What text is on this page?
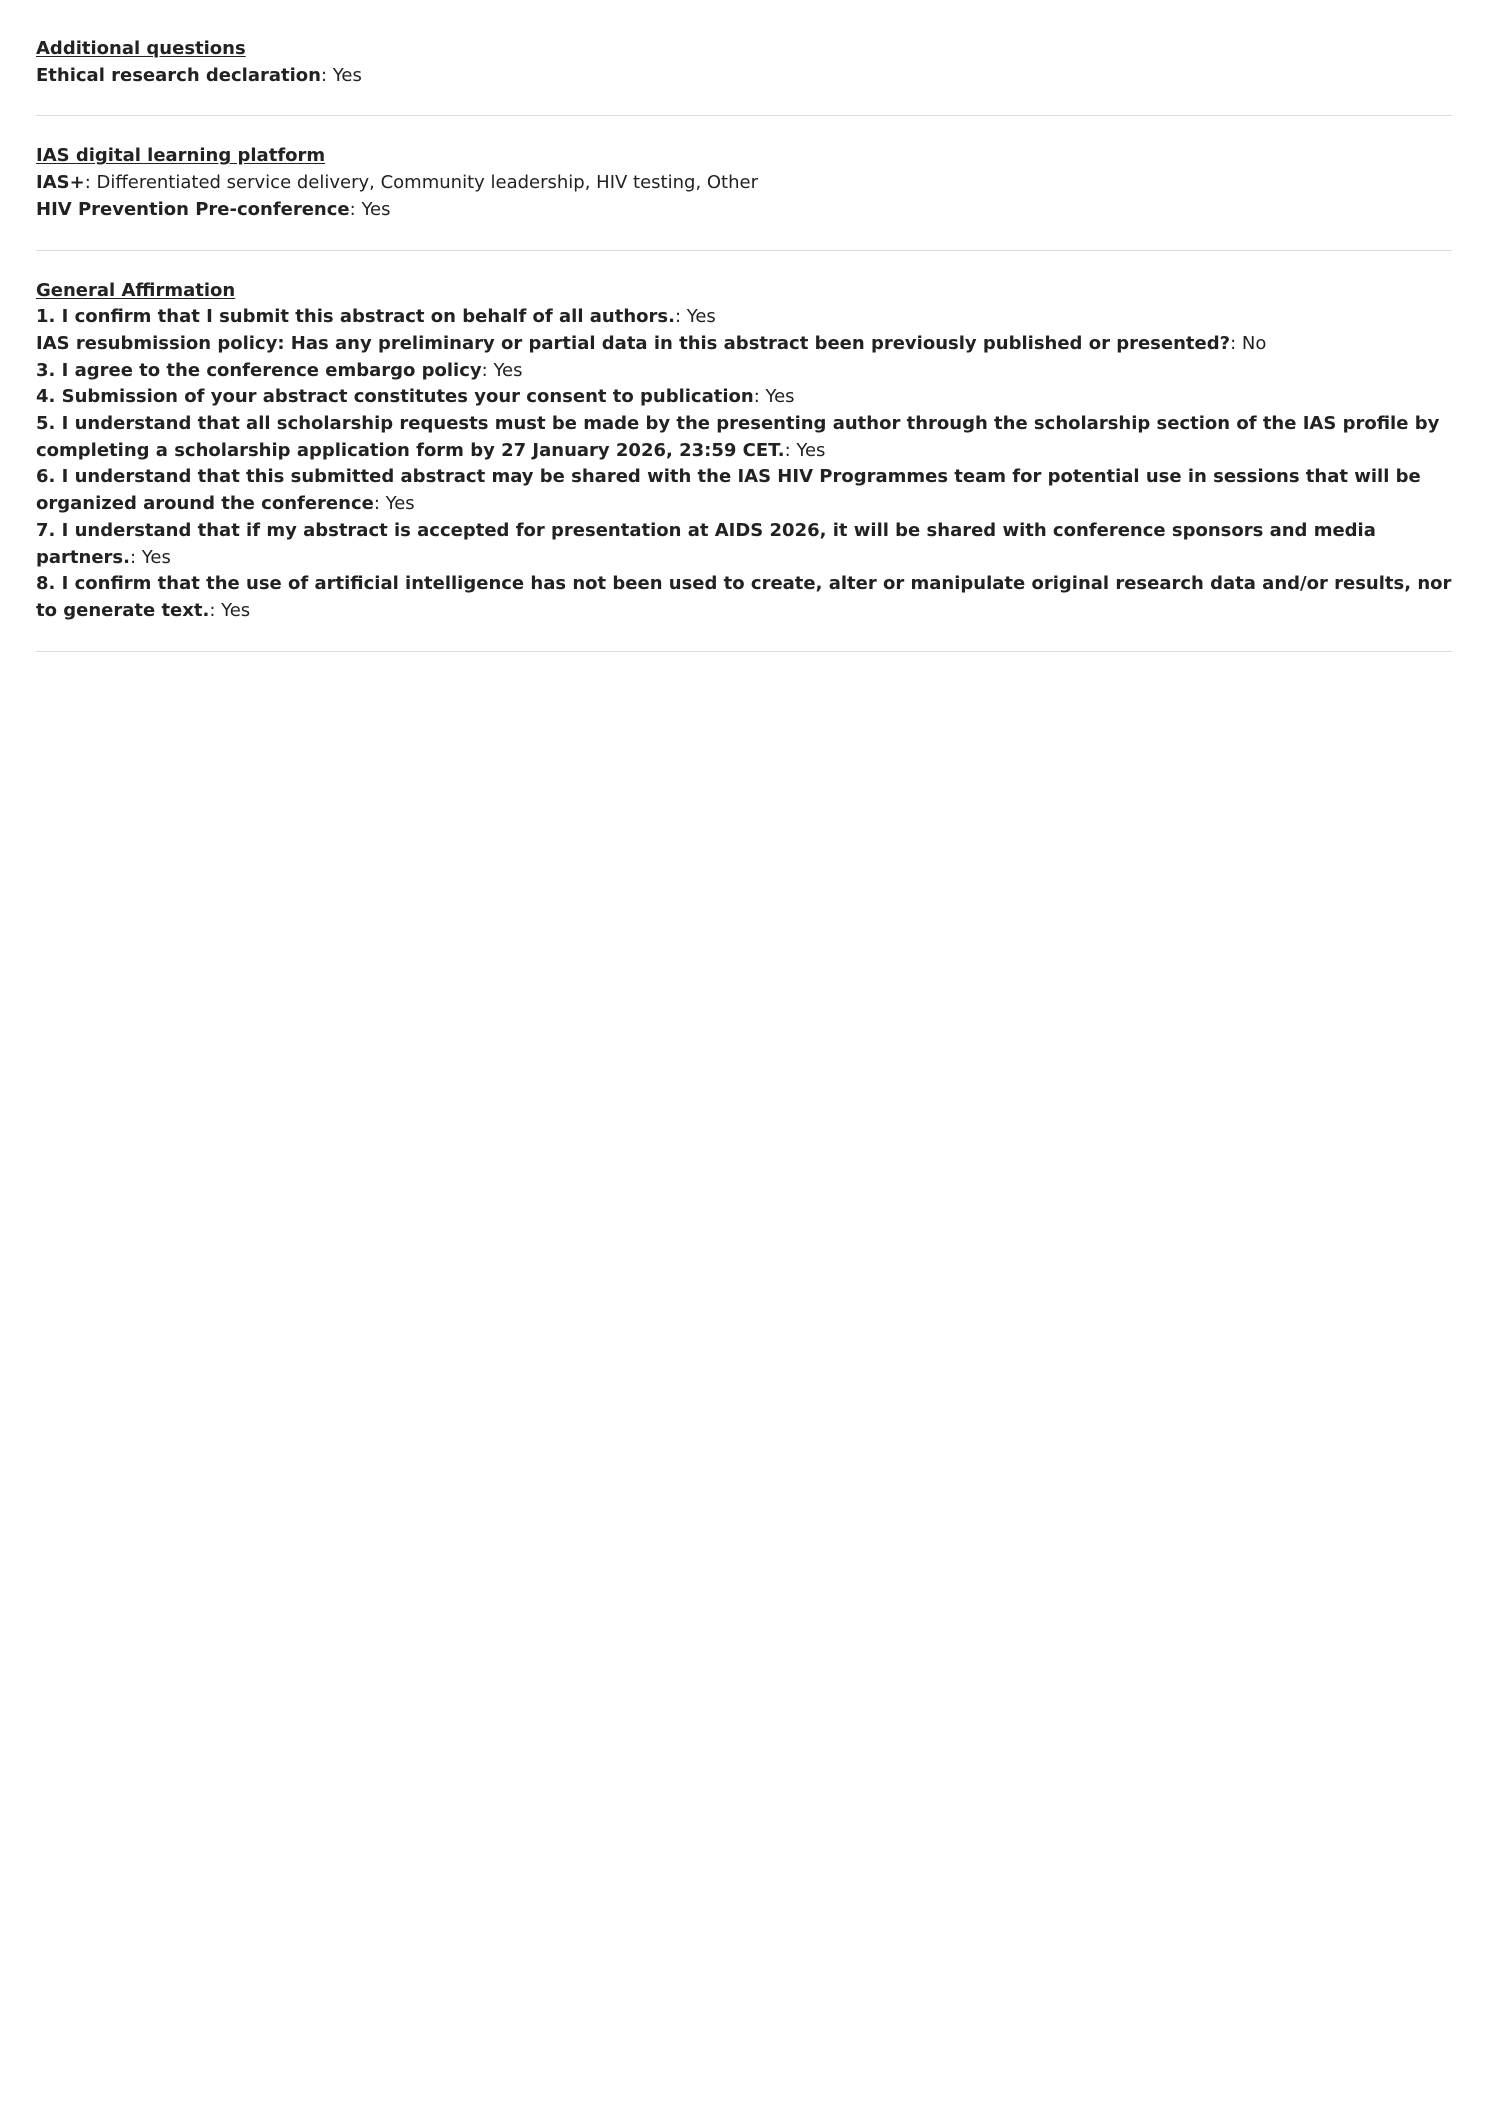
Additional questions
Ethical research declaration: Yes
IAS digital learning platform
IAS+: Differentiated service delivery, Community leadership, HIV testing, Other
HIV Prevention Pre-conference: Yes
General Affirmation
1. I confirm that I submit this abstract on behalf of all authors.: Yes
IAS resubmission policy: Has any preliminary or partial data in this abstract been previously published or presented?: No
3. I agree to the conference embargo policy: Yes
4. Submission of your abstract constitutes your consent to publication: Yes
5. I understand that all scholarship requests must be made by the presenting author through the scholarship section of the IAS profile by completing a scholarship application form by 27 January 2026, 23:59 CET.: Yes
6. I understand that this submitted abstract may be shared with the IAS HIV Programmes team for potential use in sessions that will be organized around the conference: Yes
7. I understand that if my abstract is accepted for presentation at AIDS 2026, it will be shared with conference sponsors and media partners.: Yes
8. I confirm that the use of artificial intelligence has not been used to create, alter or manipulate original research data and/or results, nor to generate text.: Yes
